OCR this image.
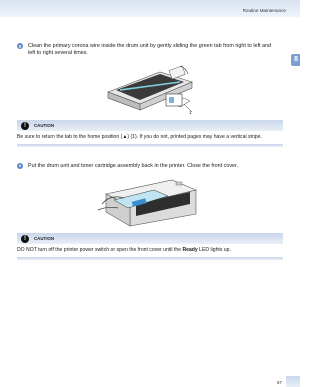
Routine Maintenance
8
g	Clean the primary corona wire inside the drum unit by gently sliding the green tab from right to left and left to right several times.
1
!	CAUTION
Be sure to return the tab to the home position (▲) (1). If you do not, printed pages may have a vertical stripe.
h	Put the drum unit and toner cartridge assembly back in the printer. Close the front cover.
!	CAUTION
DO NOT turn off the printer power switch or open the front cover until the Ready LED lights up.
67
